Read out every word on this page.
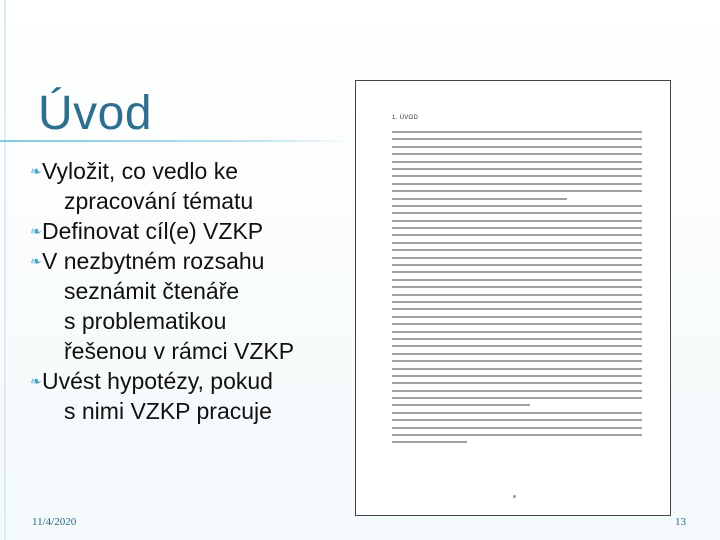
Úvod
❧ Vyložit, co vedlo ke
zpracování tématu
❧ Definovat cíl(e) VZKP
❧ V nezbytném rozsahu
seznámit čtenáře
s problematikou
řešenou v rámci VZKP
❧ Uvést hypotézy, pokud
s nimi VZKP pracuje
1. ÚVOD
11/4/2020	13
